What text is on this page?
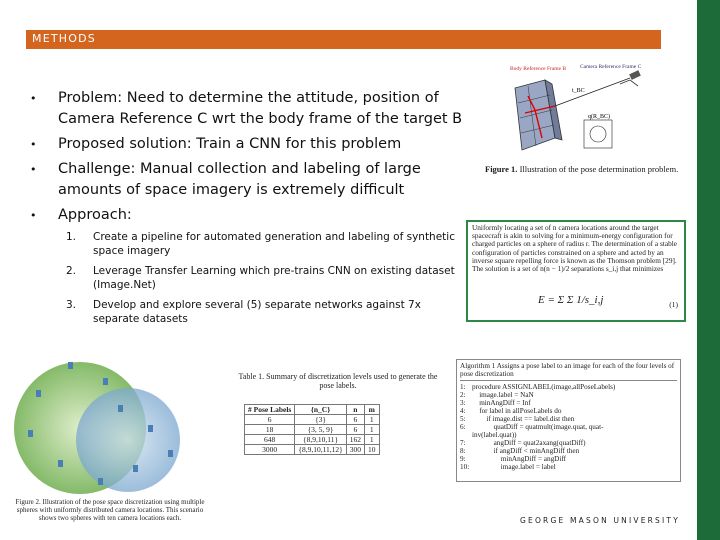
METHODS
• Problem: Need to determine the attitude, position of Camera Reference C wrt the body frame of the target B
• Proposed solution: Train a CNN for this problem
• Challenge: Manual collection and labeling of large amounts of space imagery is extremely difficult
• Approach:
1. Create a pipeline for automated generation and labeling of synthetic space imagery
2. Leverage Transfer Learning which pre-trains CNN on existing dataset (Image.Net)
3. Develop and explore several (5) separate networks against 7x separate datasets
Body Reference Frame B	Camera Reference Frame C
t_BC
q(R_BC)
Figure 1. Illustration of the pose determination problem.
Uniformly locating a set of n camera locations around the target spacecraft is akin to solving for a minimum-energy configuration for charged particles on a sphere of radius r. The determination of a stable configuration of particles constrained on a sphere and acted by an inverse square repelling force is known as the Thomson problem [29]. The solution is a set of n(n − 1)/2 separations s_i,j that minimizes
E = Σ Σ 1/s_i,j	(1)
Figure 2. Illustration of the pose space discretization using multiple spheres with uniformly distributed camera locations. This scenario shows two spheres with ten camera locations each.
Table 1. Summary of discretization levels used to generate the pose labels.
# Pose Labels	{n_C}	n	m
6	{3}	6	1
18	{3, 5, 9}	6	1
648	{8,9,10,11}	162	1
3000	{8,9,10,11,12}	300	10
Algorithm 1 Assigns a pose label to an image for each of the four levels of pose discretization
1: procedure ASSIGNLABEL(image,allPoseLabels)
2: image.label = NaN
3: minAngDiff = Inf
4: for label in allPoseLabels do
5: if image.dist == label.dist then
6: quatDiff = quatmult(image.quat, quat-
inv(label.quat))
7: angDiff = quat2axang(quatDiff)
8: if angDiff < minAngDiff then
9: minAngDiff = angDiff
10: image.label = label
GEORGE MASON UNIVERSITY
